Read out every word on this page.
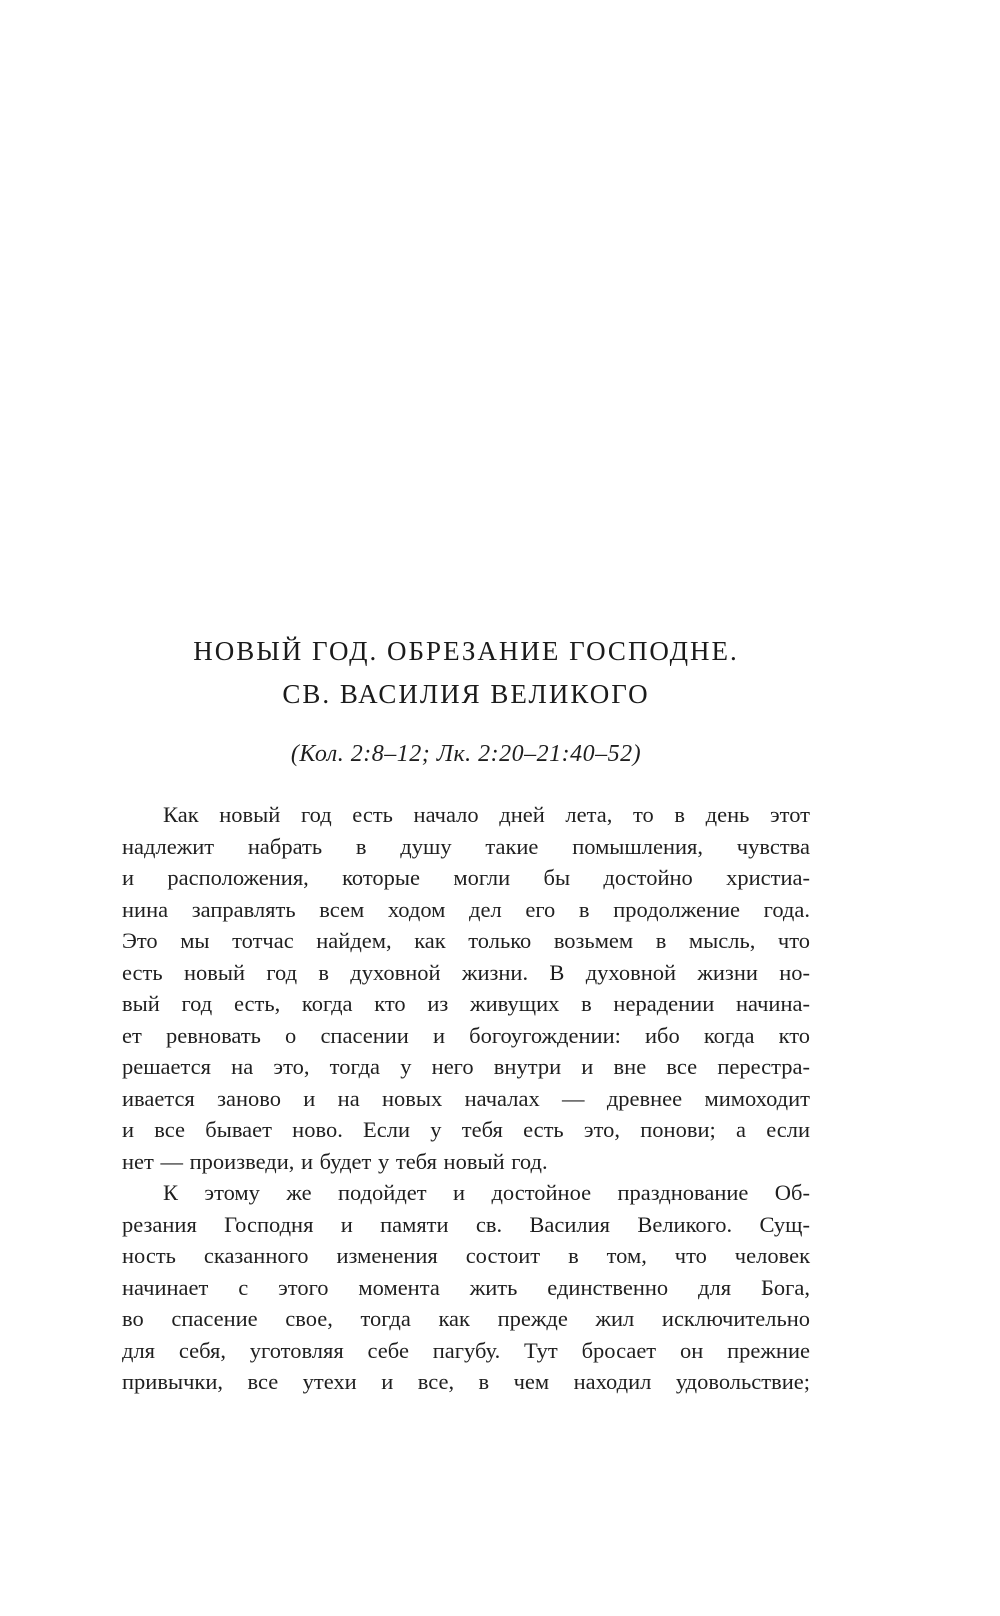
НОВЫЙ ГОД. ОБРЕЗАНИЕ ГОСПОДНЕ.
СВ. ВАСИЛИЯ ВЕЛИКОГО
(Кол. 2:8–12; Лк. 2:20–21:40–52)
Как новый год есть начало дней лета, то в день этот
надлежит набрать в душу такие помышления, чувства
и расположения, которые могли бы достойно христиа-
нина заправлять всем ходом дел его в продолжение года.
Это мы тотчас найдем, как только возьмем в мысль, что
есть новый год в духовной жизни. В духовной жизни но-
вый год есть, когда кто из живущих в нерадении начина-
ет ревновать о спасении и богоугождении: ибо когда кто
решается на это, тогда у него внутри и вне все перестра-
ивается заново и на новых началах — древнее мимоходит
и все бывает ново. Если у тебя есть это, понови; а если
нет — произведи, и будет у тебя новый год.
К этому же подойдет и достойное празднование Об-
резания Господня и памяти св. Василия Великого. Сущ-
ность сказанного изменения состоит в том, что человек
начинает с этого момента жить единственно для Бога,
во спасение свое, тогда как прежде жил исключительно
для себя, уготовляя себе пагубу. Тут бросает он прежние
привычки, все утехи и все, в чем находил удовольствие;
